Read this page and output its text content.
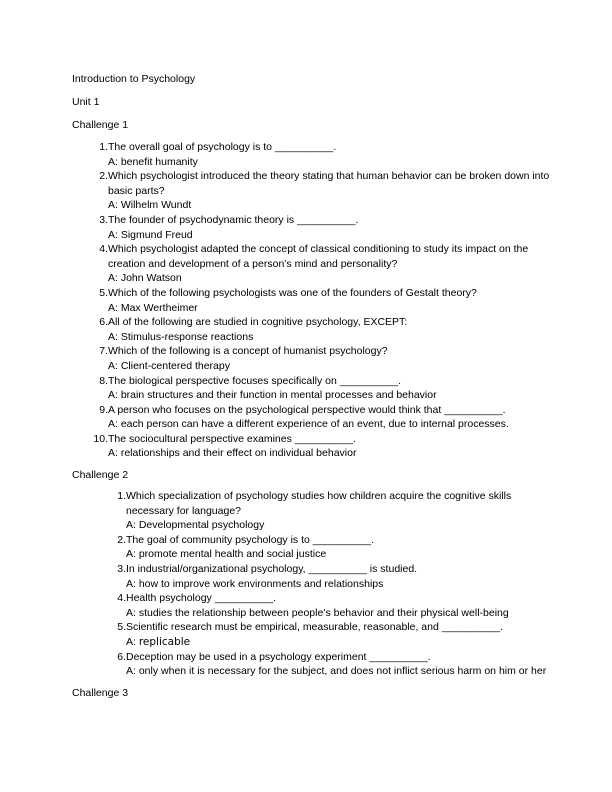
Introduction to Psychology

Unit 1

Challenge 1

1. The overall goal of psychology is to __________.
A: benefit humanity
2. Which psychologist introduced the theory stating that human behavior can be broken down into basic parts?
A: Wilhelm Wundt
3. The founder of psychodynamic theory is __________.
A: Sigmund Freud
4. Which psychologist adapted the concept of classical conditioning to study its impact on the creation and development of a person’s mind and personality?
A: John Watson
5. Which of the following psychologists was one of the founders of Gestalt theory?
A: Max Wertheimer
6. All of the following are studied in cognitive psychology, EXCEPT:
A: Stimulus-response reactions
7. Which of the following is a concept of humanist psychology?
A: Client-centered therapy
8. The biological perspective focuses specifically on __________.
A: brain structures and their function in mental processes and behavior
9. A person who focuses on the psychological perspective would think that __________.
A: each person can have a different experience of an event, due to internal processes.
10. The sociocultural perspective examines __________.
A: relationships and their effect on individual behavior

Challenge 2

1. Which specialization of psychology studies how children acquire the cognitive skills necessary for language?
A: Developmental psychology
2. The goal of community psychology is to __________.
A: promote mental health and social justice
3. In industrial/organizational psychology, __________ is studied.
A: how to improve work environments and relationships
4. Health psychology __________.
A: studies the relationship between people’s behavior and their physical well-being
5. Scientific research must be empirical, measurable, reasonable, and __________.
A: replicable
6. Deception may be used in a psychology experiment __________.
A: only when it is necessary for the subject, and does not inflict serious harm on him or her

Challenge 3
